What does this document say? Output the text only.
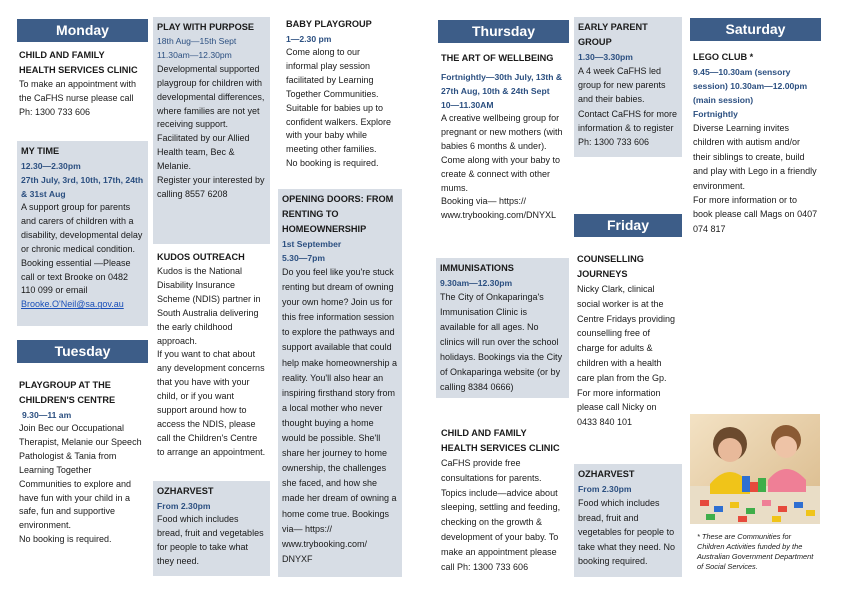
Monday
CHILD AND FAMILY
HEALTH SERVICES CLINIC

To make an appointment with the CaFHS nurse please call Ph: 1300 733 606

MY TIME
12.30—2.30pm
27th July, 3rd, 10th, 17th, 24th & 31st Aug

A support group for parents and carers of children with a disability, developmental delay or chronic medical condition. Booking essential —Please call or text Brooke on 0482 110 099 or email

Brooke.O'Neil@sa.gov.au
Tuesday
PLAYGROUP AT THE
CHILDREN'S CENTRE
9.30—11 am

Join Bec our Occupational Therapist, Melanie our Speech Pathologist & Tania from Learning Together Communities to explore and have fun with your child in a safe, fun and supportive environment.

No booking is required.

PLAY WITH PURPOSE
18th Aug—15th Sept
11.30am—12.30pm

Developmental supported playgroup for children with developmental differences, where families are not yet receiving support. Facilitated by our Allied Health team, Bec & Melanie.

Register your interested by calling 8557 6208

KUDOS OUTREACH

Kudos is the National Disability Insurance Scheme (NDIS) partner in South Australia delivering the early childhood approach.

If you want to chat about any development concerns that you have with your child, or if you want support around how to access the NDIS, please call the Children's Centre to arrange an appointment.

OZHARVEST
From 2.30pm

Food which includes bread, fruit and vegetables for people to take what they need.

BABY PLAYGROUP
1—2.30 pm

Come along to our informal play session facilitated by Learning Together Communities. Suitable for babies up to confident walkers. Explore with your baby while meeting other families.

No booking is required.

OPENING DOORS: FROM
RENTING TO
HOMEOWNERSHIP
1st September
5.30—7pm

Do you feel like you're stuck renting but dream of owning your own home? Join us for this free information session to explore the pathways and support available that could help make homeownership a reality. You'll also hear an inspiring firsthand story from a local mother who never thought buying a home would be possible. She'll share her journey to home ownership, the challenges she faced, and how she made her dream of owning a home come true. Bookings via— https://

www.trybooking.com/
DNYXF
Thursday
THE ART OF WELLBEING
Fortnightly—30th July, 13th & 27th Aug, 10th & 24th Sept
10—11.30AM

A creative wellbeing group for pregnant or new mothers (with babies 6 months & under). Come along with your baby to create & connect with other mums.

Booking via— https://

www.trybooking.com/DNYXL
IMMUNISATIONS
9.30am—12.30pm

The City of Onkaparinga's Immunisation Clinic is available for all ages. No clinics will run over the school holidays. Bookings via the City of Onkaparinga website (or by calling 8384 0666)

CHILD AND FAMILY
HEALTH SERVICES CLINIC

CaFHS provide free consultations for parents. Topics include—advice about sleeping, settling and feeding, checking on the growth & development of your baby. To make an appointment please call Ph: 1300 733 606

EARLY PARENT
GROUP
1.30—3.30pm

A 4 week CaFHS led group for new parents and their babies. Contact CaFHS for more information & to register Ph: 1300 733 606

Friday
COUNSELLING
JOURNEYS

Nicky Clark, clinical social worker is at the Centre Fridays providing counselling free of charge for adults & children with a health care plan from the Gp. For more information please call Nicky on 0433 840 101

OZHARVEST
From 2.30pm

Food which includes bread, fruit and vegetables for people to take what they need. No booking required.

Saturday
LEGO CLUB *
9.45—10.30am (sensory session) 10.30am—12.00pm (main session)
Fortnightly

Diverse Learning invites children with autism and/or their siblings to create, build and play with Lego in a friendly environment.

For more information or to book please call Mags on 0407 074 817

* These are Communities for Children Activities funded by the Australian Government Department of Social Services.
